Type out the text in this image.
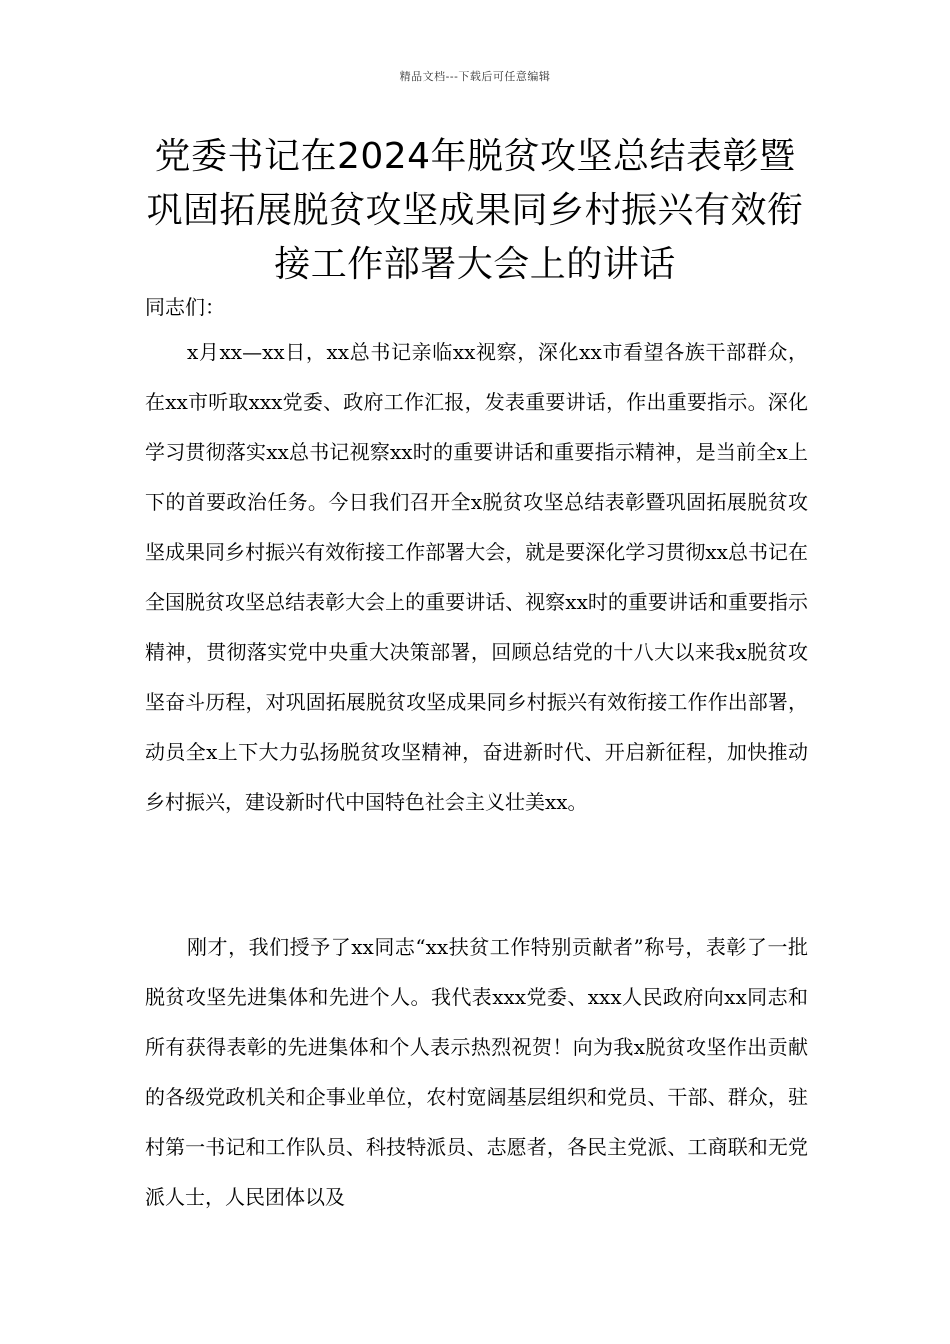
精品文档---下载后可任意编辑
党委书记在2024年脱贫攻坚总结表彰暨巩固拓展脱贫攻坚成果同乡村振兴有效衔接工作部署大会上的讲话

同志们：

x月xx—xx日，xx总书记亲临xx视察，深化xx市看望各族干部群众，在xx市听取xxx党委、政府工作汇报，发表重要讲话，作出重要指示。深化学习贯彻落实xx总书记视察xx时的重要讲话和重要指示精神，是当前全x上下的首要政治任务。今日我们召开全x脱贫攻坚总结表彰暨巩固拓展脱贫攻坚成果同乡村振兴有效衔接工作部署大会，就是要深化学习贯彻xx总书记在全国脱贫攻坚总结表彰大会上的重要讲话、视察xx时的重要讲话和重要指示精神，贯彻落实党中央重大决策部署，回顾总结党的十八大以来我x脱贫攻坚奋斗历程，对巩固拓展脱贫攻坚成果同乡村振兴有效衔接工作作出部署，动员全x上下大力弘扬脱贫攻坚精神，奋进新时代、开启新征程，加快推动乡村振兴，建设新时代中国特色社会主义壮美xx。

刚才，我们授予了xx同志“xx扶贫工作特别贡献者”称号，表彰了一批脱贫攻坚先进集体和先进个人。我代表xxx党委、xxx人民政府向xx同志和所有获得表彰的先进集体和个人表示热烈祝贺！向为我x脱贫攻坚作出贡献的各级党政机关和企事业单位，农村宽阔基层组织和党员、干部、群众，驻村第一书记和工作队员、科技特派员、志愿者，各民主党派、工商联和无党派人士，人民团体以及
